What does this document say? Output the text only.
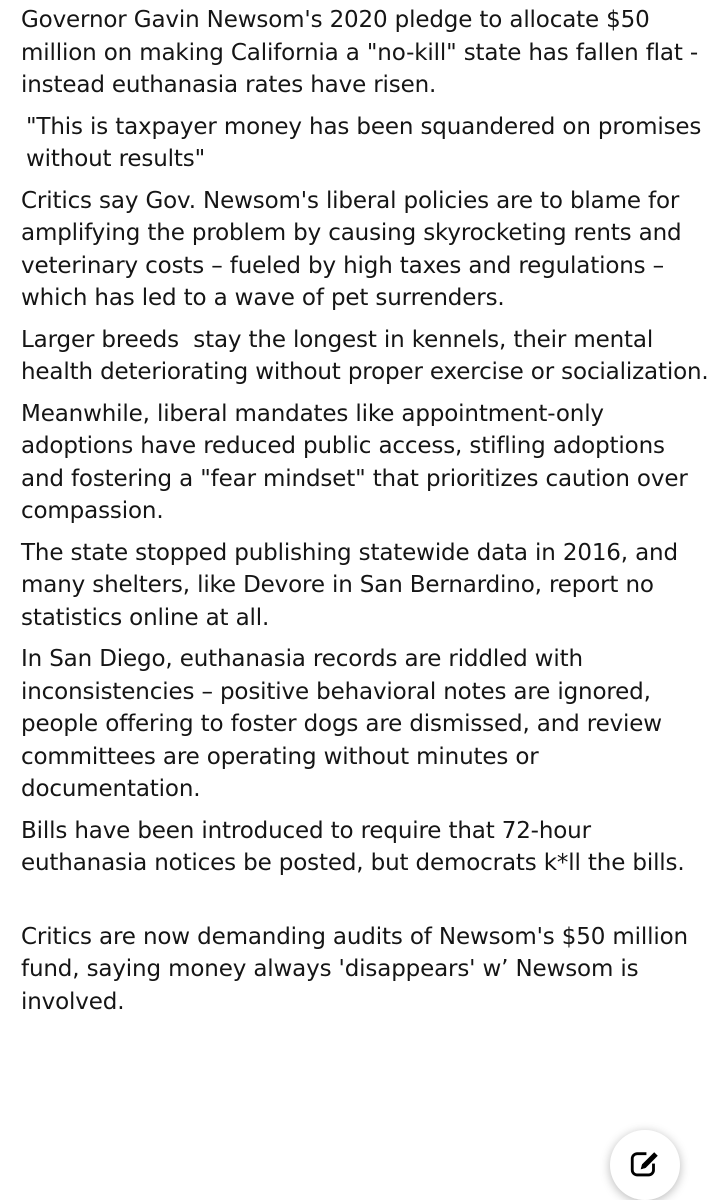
Governor Gavin Newsom's 2020 pledge to allocate $50 million on making California a "no-kill" state has fallen flat - instead euthanasia rates have risen.

"This is taxpayer money has been squandered on promises without results"

Critics say Gov. Newsom's liberal policies are to blame for amplifying the problem by causing skyrocketing rents and veterinary costs – fueled by high taxes and regulations – which has led to a wave of pet surrenders.

Larger breeds  stay the longest in kennels, their mental health deteriorating without proper exercise or socialization.

Meanwhile, liberal mandates like appointment-only adoptions have reduced public access, stifling adoptions and fostering a "fear mindset" that prioritizes caution over compassion.

The state stopped publishing statewide data in 2016, and many shelters, like Devore in San Bernardino, report no statistics online at all.

In San Diego, euthanasia records are riddled with inconsistencies – positive behavioral notes are ignored, people offering to foster dogs are dismissed, and review committees are operating without minutes or documentation.

Bills have been introduced to require that 72-hour euthanasia notices be posted, but democrats k*ll the bills.

Critics are now demanding audits of Newsom's $50 million fund, saying money always 'disappears' w’ Newsom is involved.
